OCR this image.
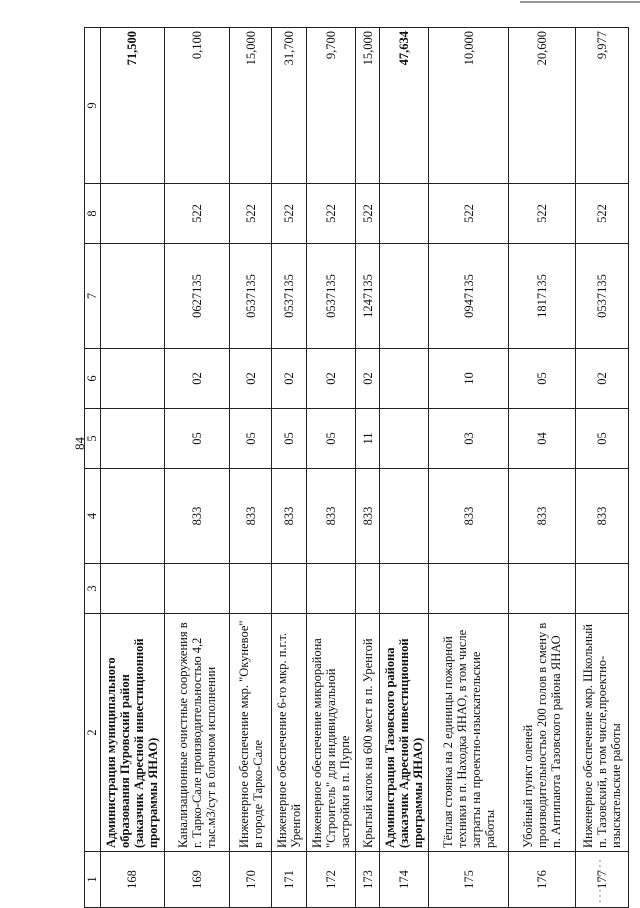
84
1	2	3	4	5	6	7	8	9
168	Администрация муниципального образования Пуровский район (заказчик Адресной инвестиционной программы ЯНАО)							71,500
169	Канализационные очистные сооружения в г. Тарко-Сале производительностью 4,2 тыс.м3/сут в блочном исполнении		833	05	02	0627135	522	0,100
170	Инженерное обеспечение мкр. "Окуневое" в городе Тарко-Сале		833	05	02	0537135	522	15,000
171	Инженерное обеспечение 6-го мкр. п.г.т. Уренгой		833	05	02	0537135	522	31,700
172	Инженерное обеспечение микрорайона "Строитель" для индивидуальной застройки в п. Пурпе		833	05	02	0537135	522	9,700
173	Крытый каток на 600 мест в п. Уренгой		833	11	02	1247135	522	15,000
174	Администрация Тазовского района (заказчик Адресной инвестиционной программы ЯНАО)							47,634
175	Тёплая стоянка на 2 единицы пожарной техники в п. Находка ЯНАО, в том числе затраты на проектно-изыскательские работы		833	03	10	0947135	522	10,000
176	Убойный пункт оленей производительностью 200 голов в смену в п. Антипаюта Тазовского района ЯНАО		833	04	05	1817135	522	20,600
177	Инженерное обеспечение мкр. Школьный п. Тазовский, в том числе,проектно-изыскательские работы		833	05	02	0537135	522	9,977
